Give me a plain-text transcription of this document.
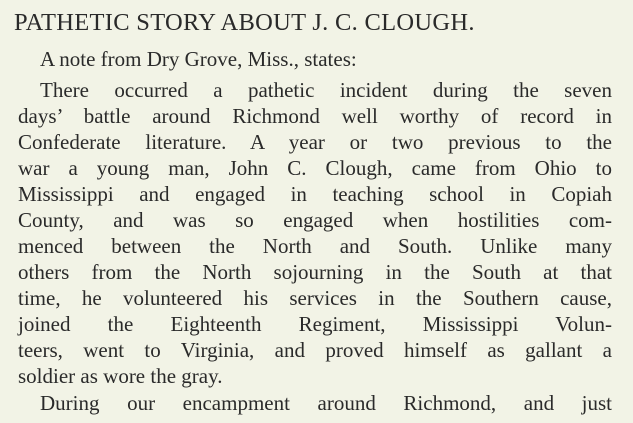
PATHETIC STORY ABOUT J. C. CLOUGH.

A note from Dry Grove, Miss., states:

There occurred a pathetic incident during the seven

days’ battle around Richmond well worthy of record in

Confederate literature. A year or two previous to the

war a young man, John C. Clough, came from Ohio to

Mississippi and engaged in teaching school in Copiah

County, and was so engaged when hostilities com-

menced between the North and South. Unlike many

others from the North sojourning in the South at that

time, he volunteered his services in the Southern cause,

joined the Eighteenth Regiment, Mississippi Volun-

teers, went to Virginia, and proved himself as gallant a

soldier as wore the gray.

During our encampment around Richmond, and just
